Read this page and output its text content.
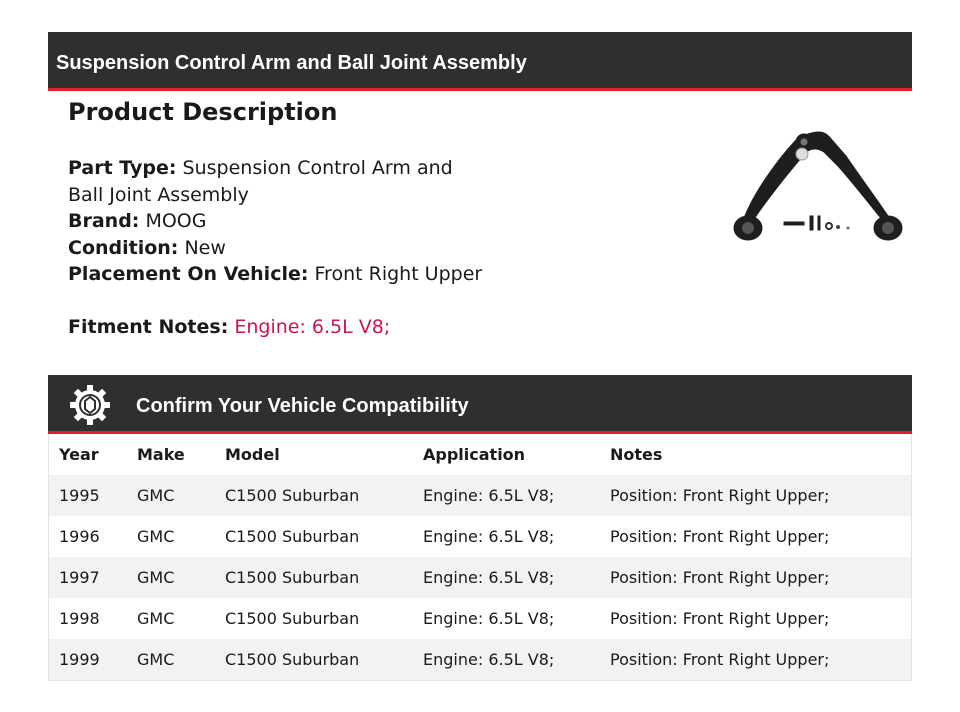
Suspension Control Arm and Ball Joint Assembly
Product Description
Part Type: Suspension Control Arm and
Ball Joint Assembly
Brand: MOOG
Condition: New
Placement On Vehicle: Front Right Upper
Fitment Notes: Engine: 6.5L V8;
Confirm Your Vehicle Compatibility
Year	Make	Model	Application	Notes
1995	GMC	C1500 Suburban	Engine: 6.5L V8;	Position: Front Right Upper;
1996	GMC	C1500 Suburban	Engine: 6.5L V8;	Position: Front Right Upper;
1997	GMC	C1500 Suburban	Engine: 6.5L V8;	Position: Front Right Upper;
1998	GMC	C1500 Suburban	Engine: 6.5L V8;	Position: Front Right Upper;
1999	GMC	C1500 Suburban	Engine: 6.5L V8;	Position: Front Right Upper;
